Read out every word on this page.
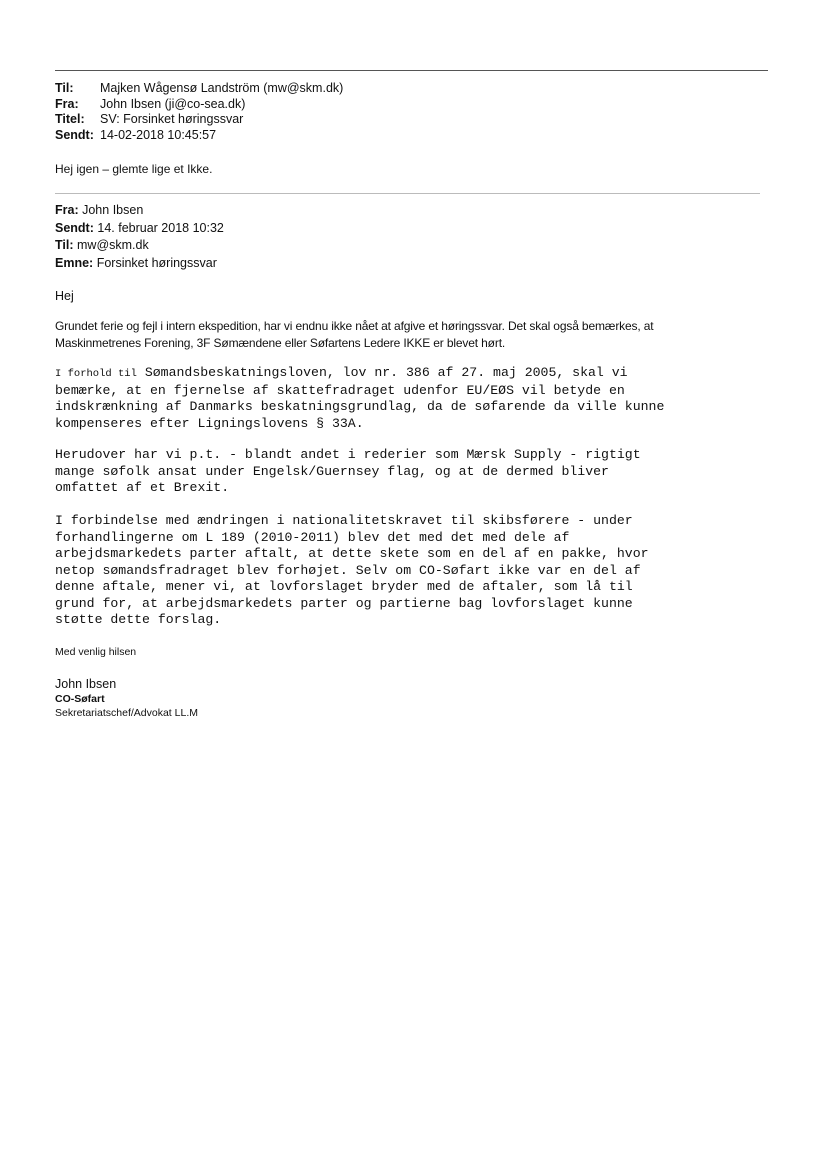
Til:	Majken Wågensø Landström (mw@skm.dk)
Fra:	John Ibsen (ji@co-sea.dk)
Titel:	SV: Forsinket høringssvar
Sendt: 14-02-2018 10:45:57
Hej igen – glemte lige et Ikke.
Fra: John Ibsen
Sendt: 14. februar 2018 10:32
Til: mw@skm.dk
Emne: Forsinket høringssvar
Hej
Grundet ferie og fejl i intern ekspedition, har vi endnu ikke nået at afgive et høringssvar. Det skal også bemærkes, at
Maskinmetrenes Forening, 3F Sømændene eller Søfartens Ledere IKKE er blevet hørt.
I forhold til Sømandsbeskatningsloven, lov nr. 386 af 27. maj 2005, skal vi
bemærke, at en fjernelse af skattefradraget udenfor EU/EØS vil betyde en
indskrænkning af Danmarks beskatningsgrundlag, da de søfarende da ville kunne
kompenseres efter Ligningslovens § 33A.
Herudover har vi p.t. - blandt andet i rederier som Mærsk Supply - rigtigt
mange søfolk ansat under Engelsk/Guernsey flag, og at de dermed bliver
omfattet af et Brexit.
I forbindelse med ændringen i nationalitetskravet til skibsførere - under
forhandlingerne om L 189 (2010-2011) blev det med det med dele af
arbejdsmarkedets parter aftalt, at dette skete som en del af en pakke, hvor
netop sømandsfradraget blev forhøjet. Selv om CO-Søfart ikke var en del af
denne aftale, mener vi, at lovforslaget bryder med de aftaler, som lå til
grund for, at arbejdsmarkedets parter og partierne bag lovforslaget kunne
støtte dette forslag.
Med venlig hilsen
John Ibsen
CO-Søfart
Sekretariatschef/Advokat LL.M
